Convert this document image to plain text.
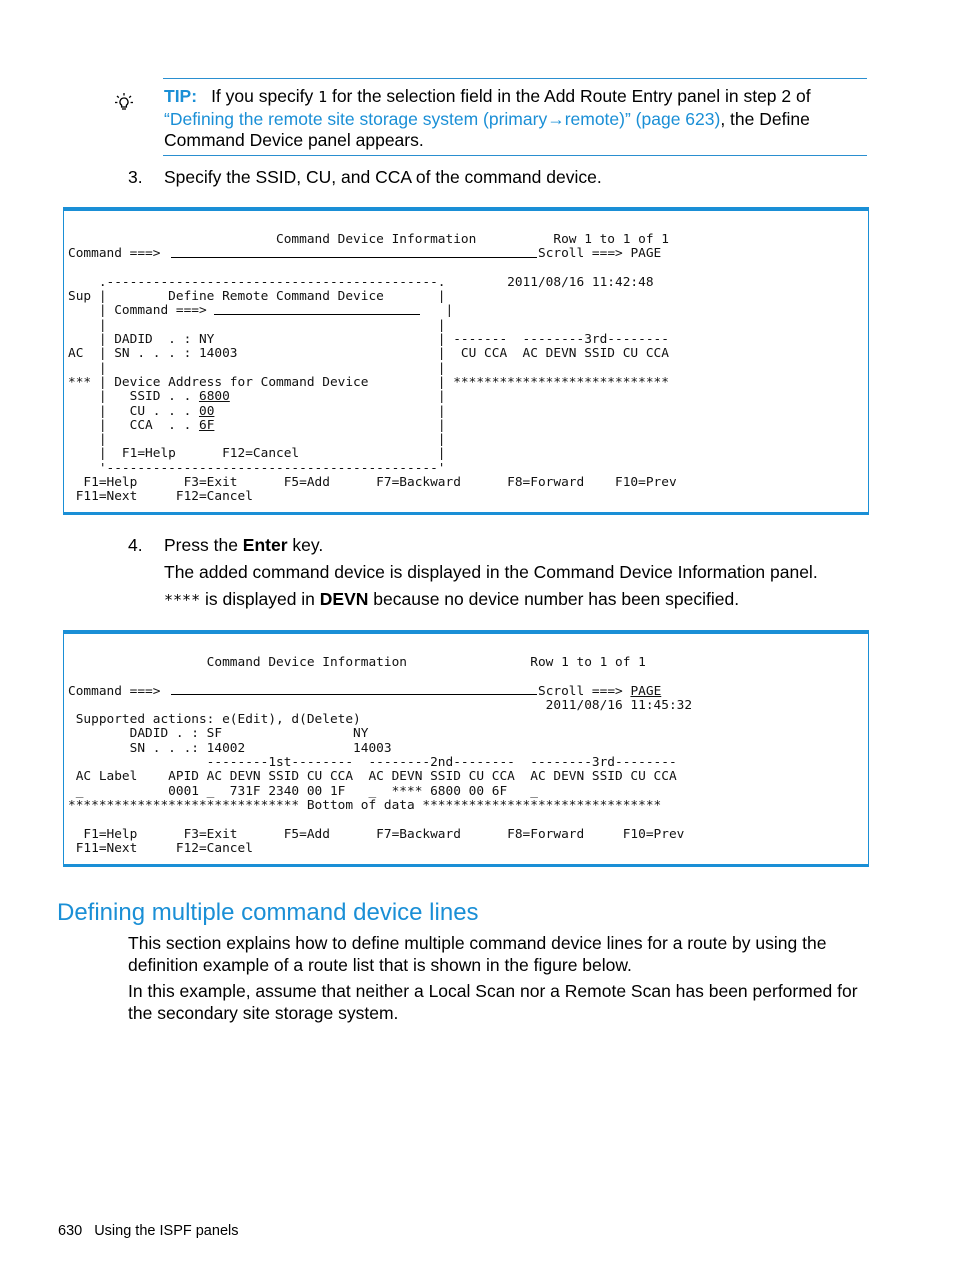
TIP: If you specify 1 for the selection field in the Add Route Entry panel in step 2 of “Defining the remote site storage system (primary→remote)” (page 623), the Define Command Device panel appears.
3. Specify the SSID, CU, and CCA of the command device.
Command Device Information          Row 1 to 1 of 1
Command ===>	Scroll ===> PAGE

.-------------------------------------------.        2011/08/16 11:42:48
Sup |        Define Remote Command Device       |
| Command ===>                               |
|                                           |
| DADID  . : NY                             | -------  --------3rd--------
AC  | SN . . . : 14003                          |  CU CCA  AC DEVN SSID CU CCA
|                                           |
*** | Device Address for Command Device         | ****************************
|   SSID . . 6800                           |
|   CU . . . 00                             |
|   CCA  . . 6F                             |
|                                           |
|  F1=Help      F12=Cancel                  |
'-------------------------------------------'
F1=Help      F3=Exit      F5=Add      F7=Backward      F8=Forward    F10=Prev
F11=Next     F12=Cancel
4. Press the Enter key.
The added command device is displayed in the Command Device Information panel.
**** is displayed in DEVN because no device number has been specified.
Command Device Information                Row 1 to 1 of 1

Command ===>	Scroll ===> PAGE
2011/08/16 11:45:32
Supported actions: e(Edit), d(Delete)
DADID . : SF                 NY
SN . . .: 14002              14003
--------1st--------  --------2nd--------  --------3rd--------
AC Label    APID AC DEVN SSID CU CCA  AC DEVN SSID CU CCA  AC DEVN SSID CU CCA
_           0001 _  731F 2340 00 1F   _  **** 6800 00 6F   _
****************************** Bottom of data *******************************

F1=Help      F3=Exit      F5=Add      F7=Backward      F8=Forward     F10=Prev
F11=Next     F12=Cancel
Defining multiple command device lines
This section explains how to define multiple command device lines for a route by using the definition example of a route list that is shown in the figure below.
In this example, assume that neither a Local Scan nor a Remote Scan has been performed for the secondary site storage system.
630 Using the ISPF panels
